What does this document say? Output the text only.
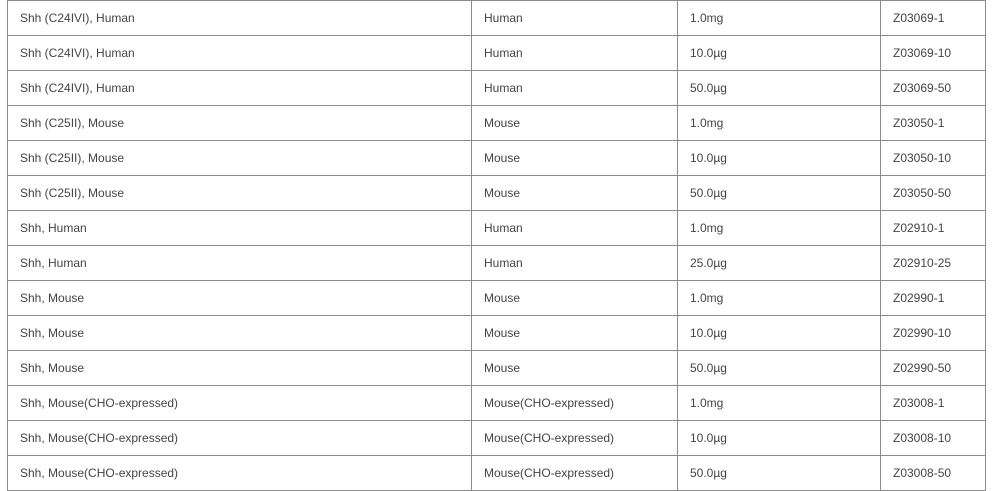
Shh (C24IVI), Human	Human	1.0mg	Z03069-1
Shh (C24IVI), Human	Human	10.0µg	Z03069-10
Shh (C24IVI), Human	Human	50.0µg	Z03069-50
Shh (C25II), Mouse	Mouse	1.0mg	Z03050-1
Shh (C25II), Mouse	Mouse	10.0µg	Z03050-10
Shh (C25II), Mouse	Mouse	50.0µg	Z03050-50
Shh, Human	Human	1.0mg	Z02910-1
Shh, Human	Human	25.0µg	Z02910-25
Shh, Mouse	Mouse	1.0mg	Z02990-1
Shh, Mouse	Mouse	10.0µg	Z02990-10
Shh, Mouse	Mouse	50.0µg	Z02990-50
Shh, Mouse(CHO-expressed)	Mouse(CHO-expressed)	1.0mg	Z03008-1
Shh, Mouse(CHO-expressed)	Mouse(CHO-expressed)	10.0µg	Z03008-10
Shh, Mouse(CHO-expressed)	Mouse(CHO-expressed)	50.0µg	Z03008-50
